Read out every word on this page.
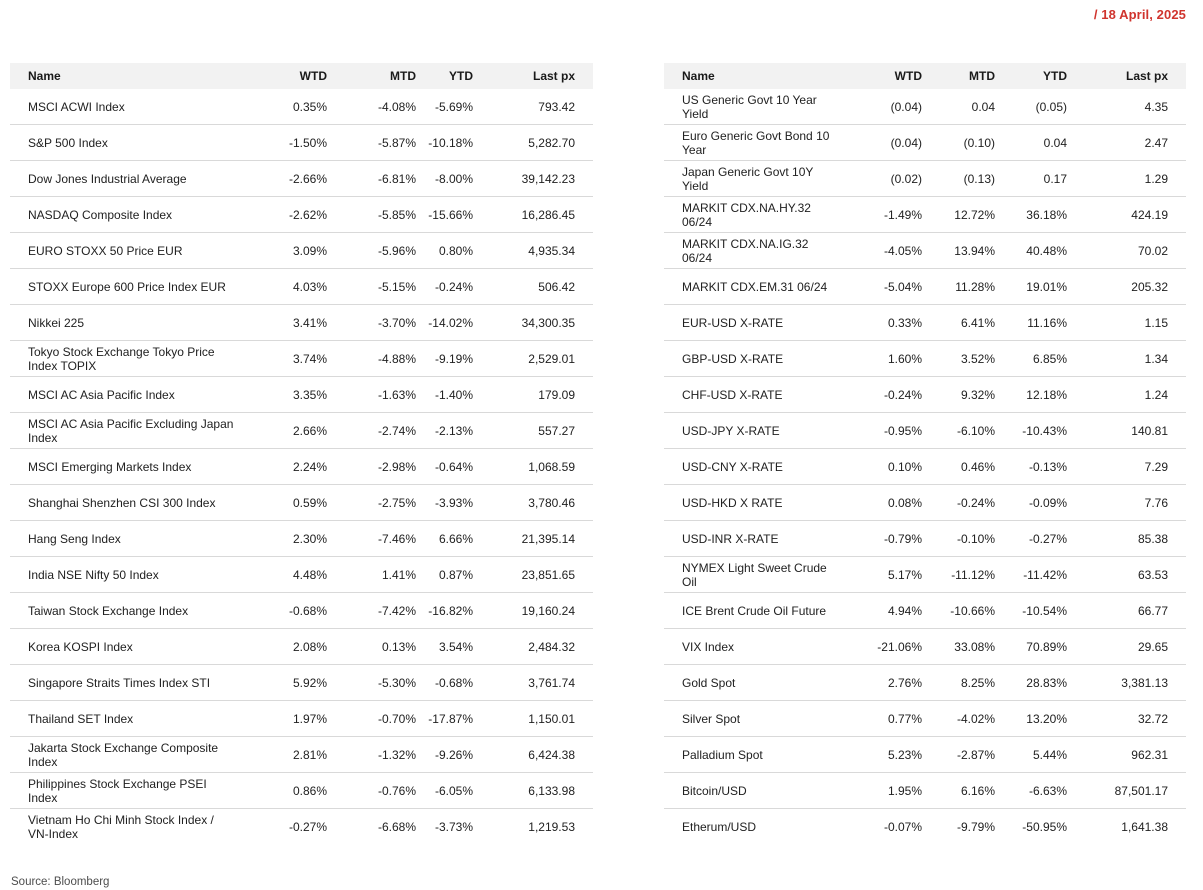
/ 18 April, 2025
Name	WTD	MTD	YTD	Last px
MSCI ACWI Index	0.35%	-4.08%	-5.69%	793.42
S&P 500 Index	-1.50%	-5.87%	-10.18%	5,282.70
Dow Jones Industrial Average	-2.66%	-6.81%	-8.00%	39,142.23
NASDAQ Composite Index	-2.62%	-5.85%	-15.66%	16,286.45
EURO STOXX 50 Price EUR	3.09%	-5.96%	0.80%	4,935.34
STOXX Europe 600 Price Index EUR	4.03%	-5.15%	-0.24%	506.42
Nikkei 225	3.41%	-3.70%	-14.02%	34,300.35
Tokyo Stock Exchange Tokyo Price Index TOPIX	3.74%	-4.88%	-9.19%	2,529.01
MSCI AC Asia Pacific Index	3.35%	-1.63%	-1.40%	179.09
MSCI AC Asia Pacific Excluding Japan Index	2.66%	-2.74%	-2.13%	557.27
MSCI Emerging Markets Index	2.24%	-2.98%	-0.64%	1,068.59
Shanghai Shenzhen CSI 300 Index	0.59%	-2.75%	-3.93%	3,780.46
Hang Seng Index	2.30%	-7.46%	6.66%	21,395.14
India NSE Nifty 50 Index	4.48%	1.41%	0.87%	23,851.65
Taiwan Stock Exchange Index	-0.68%	-7.42%	-16.82%	19,160.24
Korea KOSPI Index	2.08%	0.13%	3.54%	2,484.32
Singapore Straits Times Index STI	5.92%	-5.30%	-0.68%	3,761.74
Thailand SET Index	1.97%	-0.70%	-17.87%	1,150.01
Jakarta Stock Exchange Composite Index	2.81%	-1.32%	-9.26%	6,424.38
Philippines Stock Exchange PSEI Index	0.86%	-0.76%	-6.05%	6,133.98
Vietnam Ho Chi Minh Stock Index / VN-Index	-0.27%	-6.68%	-3.73%	1,219.53
Name	WTD	MTD	YTD	Last px
US Generic Govt 10 Year Yield	(0.04)	0.04	(0.05)	4.35
Euro Generic Govt Bond 10 Year	(0.04)	(0.10)	0.04	2.47
Japan Generic Govt 10Y Yield	(0.02)	(0.13)	0.17	1.29
MARKIT CDX.NA.HY.32 06/24	-1.49%	12.72%	36.18%	424.19
MARKIT CDX.NA.IG.32 06/24	-4.05%	13.94%	40.48%	70.02
MARKIT CDX.EM.31 06/24	-5.04%	11.28%	19.01%	205.32
EUR-USD X-RATE	0.33%	6.41%	11.16%	1.15
GBP-USD X-RATE	1.60%	3.52%	6.85%	1.34
CHF-USD X-RATE	-0.24%	9.32%	12.18%	1.24
USD-JPY X-RATE	-0.95%	-6.10%	-10.43%	140.81
USD-CNY X-RATE	0.10%	0.46%	-0.13%	7.29
USD-HKD X RATE	0.08%	-0.24%	-0.09%	7.76
USD-INR X-RATE	-0.79%	-0.10%	-0.27%	85.38
NYMEX Light Sweet Crude Oil	5.17%	-11.12%	-11.42%	63.53
ICE Brent Crude Oil Future	4.94%	-10.66%	-10.54%	66.77
VIX Index	-21.06%	33.08%	70.89%	29.65
Gold Spot	2.76%	8.25%	28.83%	3,381.13
Silver Spot	0.77%	-4.02%	13.20%	32.72
Palladium Spot	5.23%	-2.87%	5.44%	962.31
Bitcoin/USD	1.95%	6.16%	-6.63%	87,501.17
Etherum/USD	-0.07%	-9.79%	-50.95%	1,641.38
Source: Bloomberg
